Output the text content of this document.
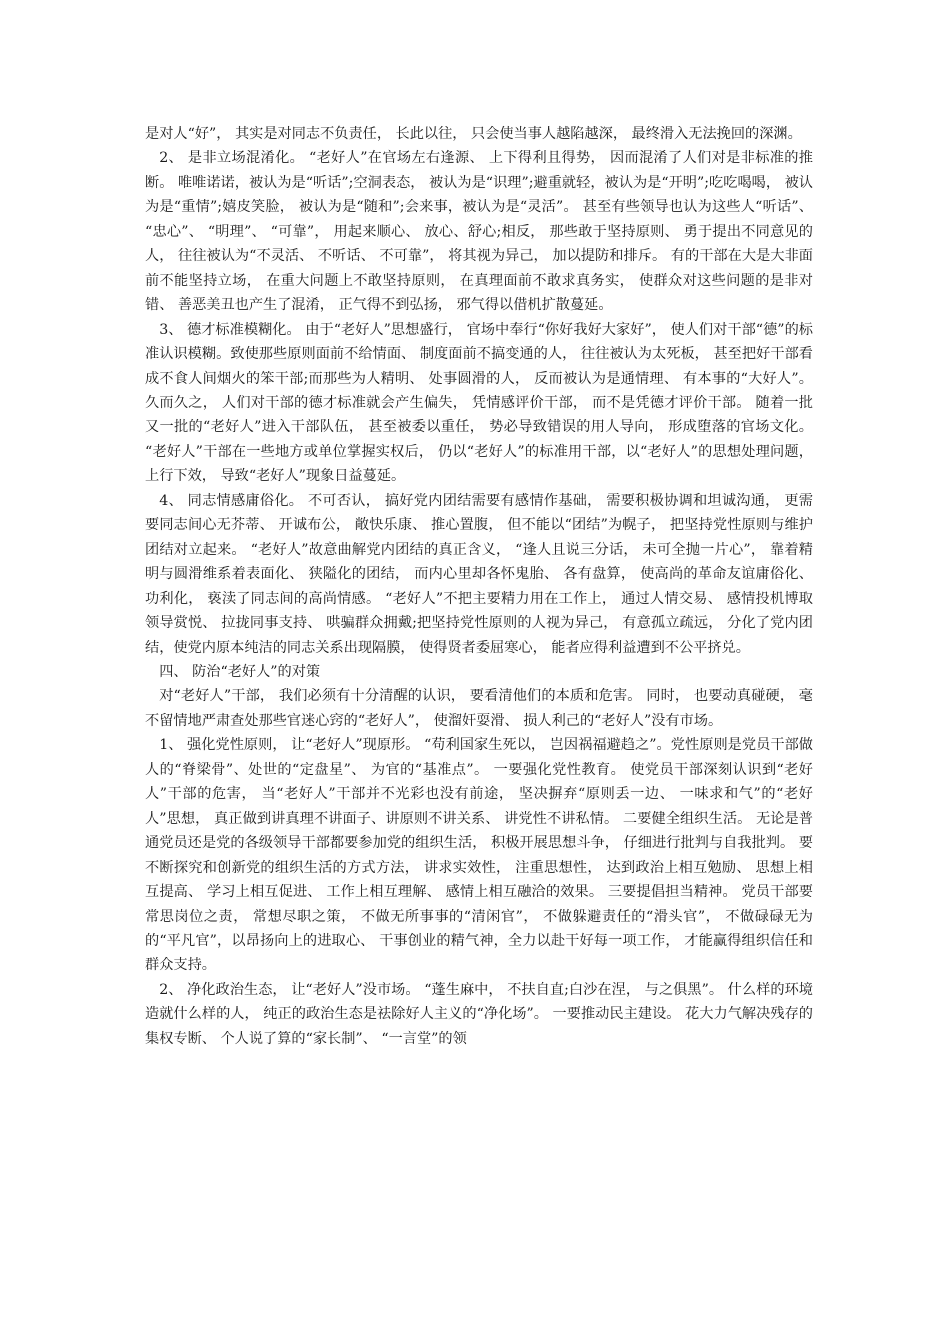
是对人“好”， 其实是对同志不负责任， 长此以往， 只会使当事人越陷越深， 最终滑入无法挽回的深渊。

2、 是非立场混淆化。 “老好人”在官场左右逢源、 上下得利且得势， 因而混淆了人们对是非标准的推断。 唯唯诺诺，被认为是“听话”;空洞表态， 被认为是“识理”;避重就轻，被认为是“开明”;吃吃喝喝， 被认为是“重情”;嬉皮笑脸， 被认为是“随和”;会来事，被认为是“灵活”。 甚至有些领导也认为这些人“听话”、 “忠心”、 “明理”、 “可靠”， 用起来顺心、 放心、舒心;相反， 那些敢于坚持原则、 勇于提出不同意见的人， 往往被认为“不灵活、 不听话、 不可靠”， 将其视为异己， 加以提防和排斥。 有的干部在大是大非面前不能坚持立场， 在重大问题上不敢坚持原则， 在真理面前不敢求真务实， 使群众对这些问题的是非对错、 善恶美丑也产生了混淆， 正气得不到弘扬， 邪气得以借机扩散蔓延。

3、 德才标准模糊化。 由于“老好人”思想盛行， 官场中奉行“你好我好大家好”， 使人们对干部“德”的标准认识模糊。致使那些原则面前不给情面、 制度面前不搞变通的人， 往往被认为太死板， 甚至把好干部看成不食人间烟火的笨干部;而那些为人精明、 处事圆滑的人， 反而被认为是通情理、 有本事的“大好人”。 久而久之， 人们对干部的德才标准就会产生偏失， 凭情感评价干部， 而不是凭德才评价干部。 随着一批又一批的“老好人”进入干部队伍， 甚至被委以重任， 势必导致错误的用人导向， 形成堕落的官场文化。 “老好人”干部在一些地方或单位掌握实权后， 仍以“老好人”的标准用干部，以“老好人”的思想处理问题， 上行下效， 导致“老好人”现象日益蔓延。

4、 同志情感庸俗化。 不可否认， 搞好党内团结需要有感情作基础， 需要积极协调和坦诚沟通， 更需要同志间心无芥蒂、 开诚布公， 敞快乐康、 推心置腹， 但不能以“团结”为幌子， 把坚持党性原则与维护团结对立起来。 “老好人”故意曲解党内团结的真正含义， “逢人且说三分话， 未可全抛一片心”， 靠着精明与圆滑维系着表面化、 狭隘化的团结， 而内心里却各怀鬼胎、 各有盘算， 使高尚的革命友谊庸俗化、 功利化， 亵渎了同志间的高尚情感。 “老好人”不把主要精力用在工作上， 通过人情交易、 感情投机博取领导赏悦、 拉拢同事支持、 哄骗群众拥戴;把坚持党性原则的人视为异己， 有意孤立疏远， 分化了党内团结，使党内原本纯洁的同志关系出现隔膜， 使得贤者委屈寒心， 能者应得利益遭到不公平挤兑。

四、 防治“老好人”的对策

对“老好人”干部， 我们必须有十分清醒的认识， 要看清他们的本质和危害。 同时， 也要动真碰硬， 毫不留情地严肃查处那些官迷心窍的“老好人”， 使溜奸耍滑、 损人利己的“老好人”没有市场。

1、 强化党性原则， 让“老好人”现原形。 “苟利国家生死以， 岂因祸福避趋之”。党性原则是党员干部做人的“脊梁骨”、处世的“定盘星”、 为官的“基准点”。 一要强化党性教育。 使党员干部深刻认识到“老好人”干部的危害， 当“老好人”干部并不光彩也没有前途， 坚决摒弃“原则丢一边、 一味求和气”的“老好人”思想， 真正做到讲真理不讲面子、讲原则不讲关系、 讲党性不讲私情。 二要健全组织生活。 无论是普通党员还是党的各级领导干部都要参加党的组织生活， 积极开展思想斗争， 仔细进行批判与自我批判。 要不断探究和创新党的组织生活的方式方法， 讲求实效性， 注重思想性， 达到政治上相互勉励、 思想上相互提高、 学习上相互促进、 工作上相互理解、 感情上相互融洽的效果。 三要提倡担当精神。 党员干部要常思岗位之责， 常想尽职之策， 不做无所事事的“清闲官”， 不做躲避责任的“滑头官”， 不做碌碌无为的“平凡官”，以昂扬向上的进取心、 干事创业的精气神，全力以赴干好每一项工作， 才能赢得组织信任和群众支持。

2、 净化政治生态， 让“老好人”没市场。 “蓬生麻中， 不扶自直;白沙在涅， 与之俱黑”。 什么样的环境造就什么样的人， 纯正的政治生态是祛除好人主义的“净化场”。 一要推动民主建设。 花大力气解决残存的集权专断、 个人说了算的“家长制”、 “一言堂”的领
